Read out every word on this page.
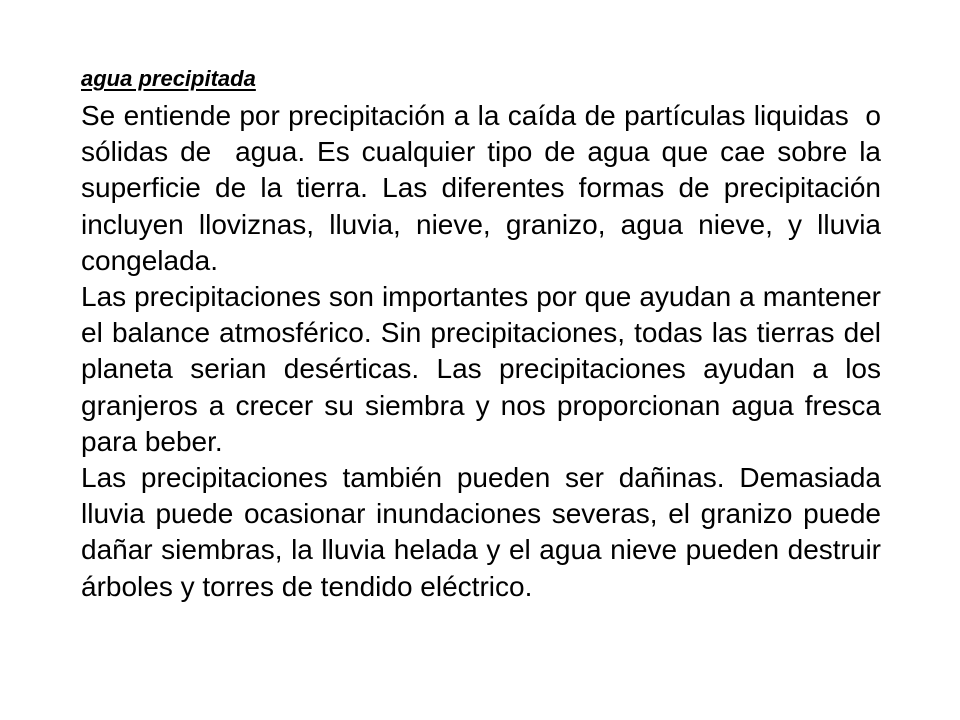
agua precipitada

Se entiende por precipitación a la caída de partículas liquidas  o sólidas de  agua. Es cualquier tipo de agua que cae sobre la superficie de la tierra. Las diferentes formas de precipitación incluyen lloviznas, lluvia, nieve, granizo, agua nieve, y lluvia congelada.

Las precipitaciones son importantes por que ayudan a mantener el balance atmosférico. Sin precipitaciones, todas las tierras del planeta serian desérticas. Las precipitaciones ayudan a los granjeros a crecer su siembra y nos proporcionan agua fresca para beber.

Las precipitaciones también pueden ser dañinas. Demasiada lluvia puede ocasionar inundaciones severas, el granizo puede dañar siembras, la lluvia helada y el agua nieve pueden destruir árboles y torres de tendido eléctrico.
